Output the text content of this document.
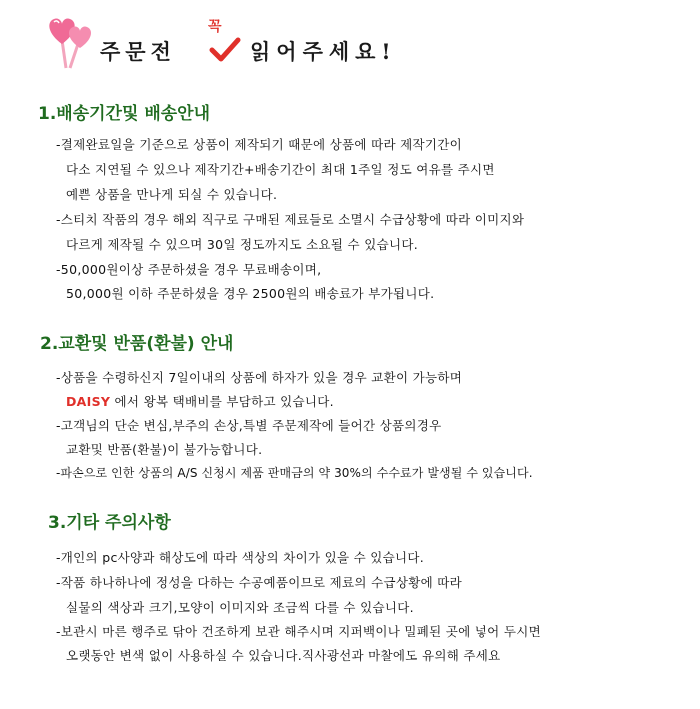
주문전
꼭
읽어주세요!
1.배송기간및 배송안내
-결제완료일을 기준으로 상품이 제작되기 때문에 상품에 따라 제작기간이
다소 지연될 수 있으나 제작기간+배송기간이 최대 1주일 정도 여유를 주시면
예쁜 상품을 만나게 되실 수 있습니다.
-스티치 작품의 경우 해외 직구로 구매된 제료들로 소멸시 수급상황에 따라 이미지와
다르게 제작될 수 있으며 30일 정도까지도 소요될 수 있습니다.
-50,000원이상 주문하셨을 경우 무료배송이며,
50,000원 이하 주문하셨을 경우 2500원의 배송료가 부가됩니다.
2.교환및 반품(환불) 안내
-상품을 수령하신지 7일이내의 상품에 하자가 있을 경우 교환이 가능하며
DAISY 에서 왕복 택배비를 부담하고 있습니다.
-고객님의 단순 변심,부주의 손상,특별 주문제작에 들어간 상품의경우
교환및 반품(환불)이 불가능합니다.
-파손으로 인한 상품의 A/S 신청시 제품 판매금의 약 30%의 수수료가 발생될 수 있습니다.
3.기타 주의사항
-개인의 pc사양과 해상도에 따라 색상의 차이가 있을 수 있습니다.
-작품 하나하나에 정성을 다하는 수공예품이므로 제료의 수급상황에 따라
실물의 색상과 크기,모양이 이미지와 조금씩 다를 수 있습니다.
-보관시 마른 행주로 닦아 건조하게 보관 해주시며 지퍼백이나 밀폐된 곳에 넣어 두시면
오랫동안 변색 없이 사용하실 수 있습니다.직사광선과 마찰에도 유의해 주세요
